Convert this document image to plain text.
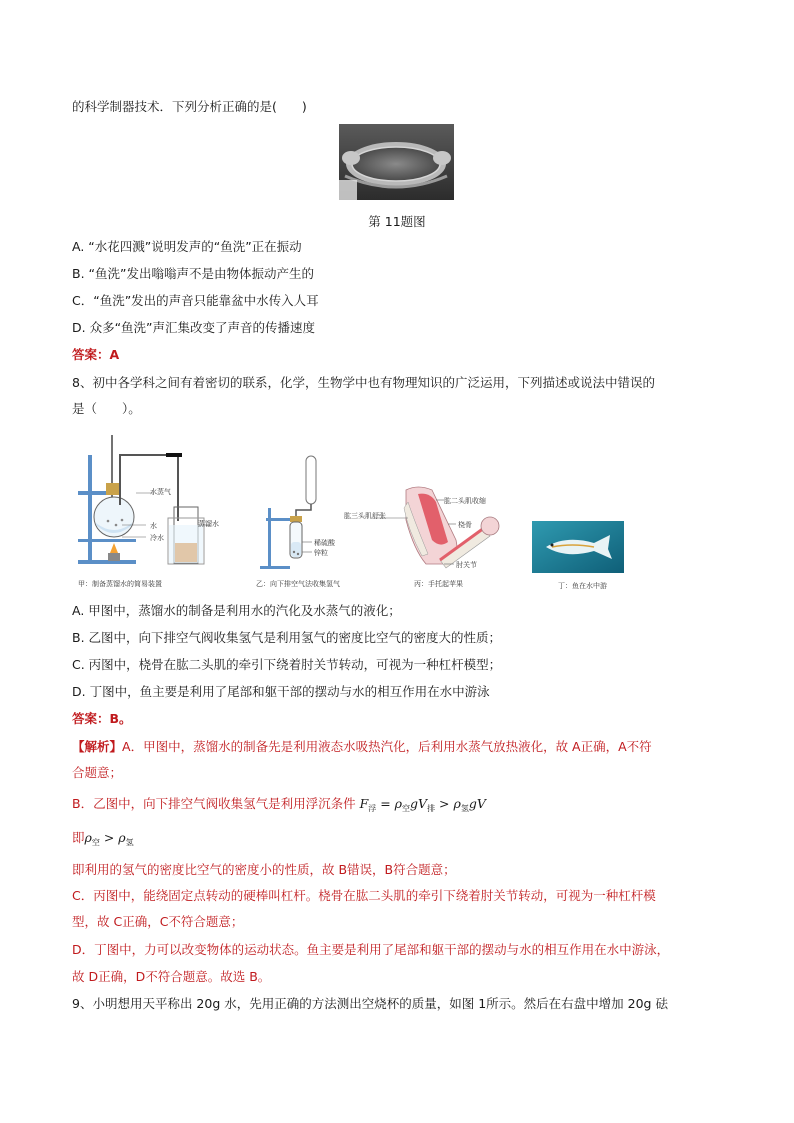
的科学制器技术．下列分析正确的是(　　)
第 11题图
A. “水花四溅”说明发声的“鱼洗”正在振动
B. “鱼洗”发出嗡嗡声不是由物体振动产生的
C．“鱼洗”发出的声音只能靠盆中水传入人耳
D. 众多“鱼洗”声汇集改变了声音的传播速度
答案：A
8、初中各学科之间有着密切的联系，化学，生物学中也有物理知识的广泛运用，下列描述或说法中错误的
是（　　）。
水蒸气
水
冷水
蒸馏水
甲：制备蒸馏水的简易装置
稀硫酸
锌粒
乙：向下排空气法收集氢气
肱二头肌收缩
桡骨
肱三头肌舒张
肘关节
丙：手托起苹果	丁：鱼在水中游
A. 甲图中，蒸馏水的制备是利用水的汽化及水蒸气的液化；
B. 乙图中，向下排空气阀收集氢气是利用氢气的密度比空气的密度大的性质；
C. 丙图中，桡骨在肱二头肌的牵引下绕着肘关节转动，可视为一种杠杆模型；
D. 丁图中，鱼主要是利用了尾部和躯干部的摆动与水的相互作用在水中游泳
答案：B。
【解析】A．甲图中，蒸馏水的制备先是利用液态水吸热汽化，后利用水蒸气放热液化，故 A正确，A不符
合题意；
B．乙图中，向下排空气阀收集氢气是利用浮沉条件 $F_浮 = \rho_空gV_排 > \rho_氢gV$
即$\rho_空 > \rho_氢$
即利用的氢气的密度比空气的密度小的性质，故 B错误，B符合题意；
C．丙图中，能绕固定点转动的硬棒叫杠杆。桡骨在肱二头肌的牵引下绕着肘关节转动，可视为一种杠杆模
型，故 C正确，C不符合题意；
D．丁图中，力可以改变物体的运动状态。鱼主要是利用了尾部和躯干部的摆动与水的相互作用在水中游泳，
故 D正确，D不符合题意。故选 B。
9、小明想用天平称出 20g 水，先用正确的方法测出空烧杯的质量，如图 1所示。然后在右盘中增加 20g 砝
